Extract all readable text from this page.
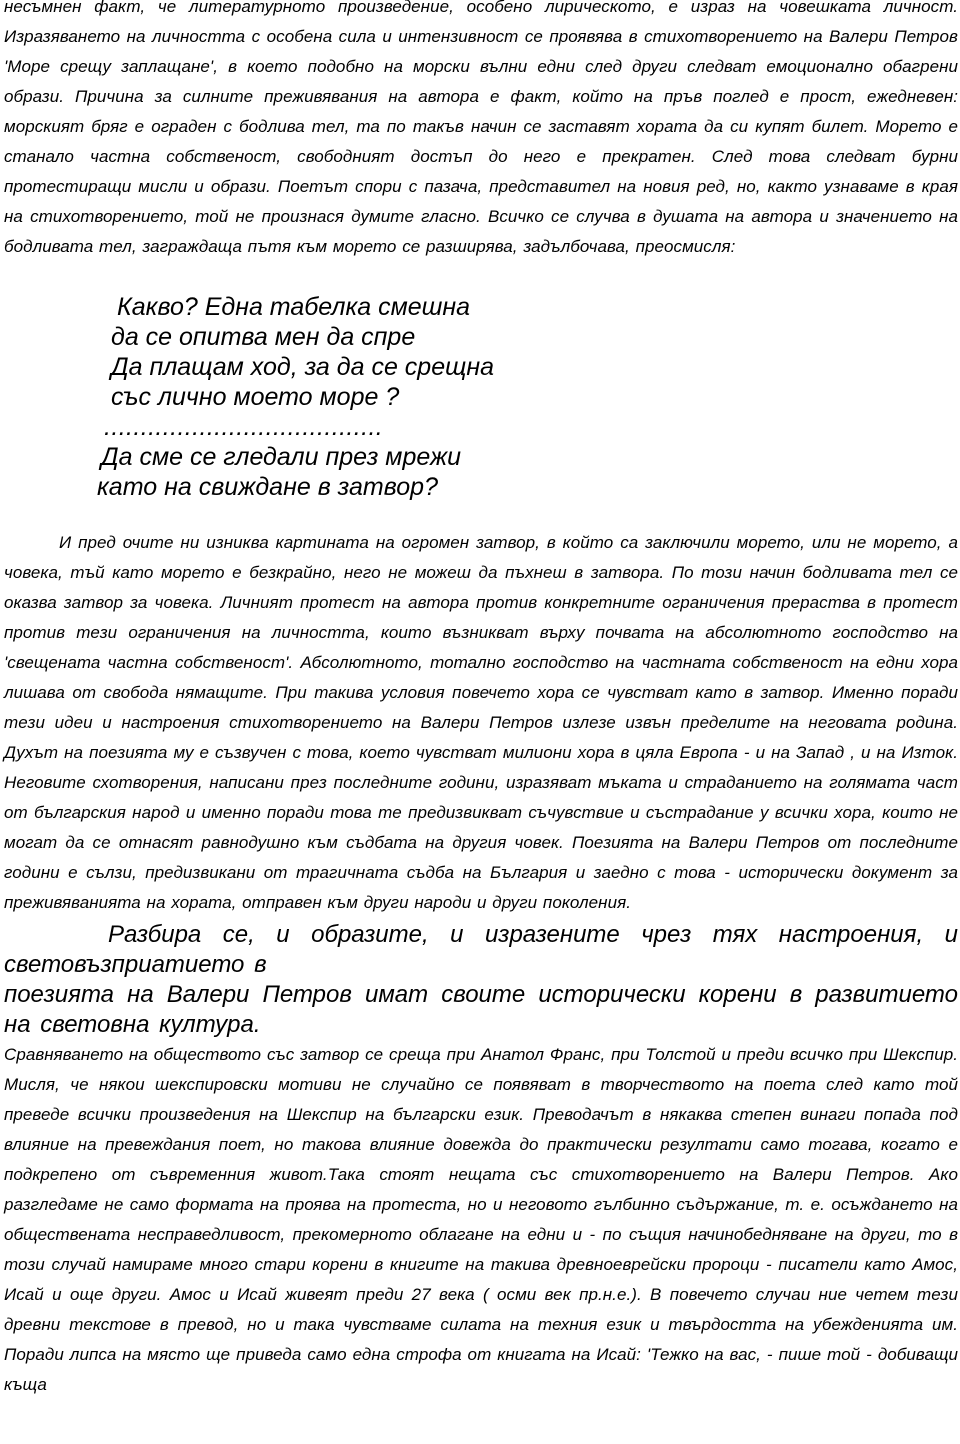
несъмнен факт, че литературното произведение, особено лирическото, е израз на човешката личност. Изразяването на личността с особена сила и интензивност се проявява в стихотворението на Валери Петров 'Море срещу заплащане', в което подобно на морски вълни едни след други следват емоционално обагрени образи. Причина за силните преживявания на автора е факт, който на пръв поглед е прост, ежедневен: морският бряг е ограден с бодлива тел, та по такъв начин се заставят хората да си купят билет. Морето е станало частна собственост, свободният достъп до него е прекратен. След това следват бурни протестиращи мисли и образи. Поетът спори с пазача, представител на новия ред, но, както узнаваме в края на стихотворението, той не произнася думите гласно. Всичко се случва в душата на автора и значението на бодливата тел, заграждаща пътя към морето се разширява, задълбочава, преосмисля:

Какво? Една табелка смешна
да се опитва мен да спре
Да плащам ход, за да се срещна
със лично моето море ?
......................................
Да сме се гледали през мрежи
като на свиждане в затвор?

И пред очите ни изниква картината на огромен затвор, в който са заключили морето, или не морето, а човека, тъй като морето е безкрайно, него не можеш да пъхнеш в затвора. По този начин бодливата тел се оказва затвор за човека. Личният протест на автора против конкретните ограничения прераства в протест против тези ограничения на личността, които възникват върху почвата на абсолютното господство на 'свещената частна собственост'. Абсолютното, тотално господство на частната собственост на едни хора лишава от свобода нямащите. При такива условия повечето хора се чувстват като в затвор. Именно поради тези идеи и настроения стихотворението на Валери Петров излезе извън пределите на неговата родина. Духът на поезията му е съзвучен с това, което чувстват милиони хора в цяла Европа - и на Запад , и на Изток. Неговите схотворения, написани през последните години, изразяват мъката и страданието на голямата част от българския народ и именно поради това те предизвикват съчувствие и състрадание у всички хора, които не могат да се отнасят равнодушно към съдбата на другия човек. Поезията на Валери Петров от последните години е сълзи, предизвикани от трагичната съдба на България и заедно с това - исторически документ за преживяванията на хората, отправен към други народи и други поколения.

Разбира се, и образите, и изразените чрез тях настроения, и световъзприатието в

поезията на Валери Петров имат своите исторически корени в развитието на световна култура.

Сравняването на обществото със затвор се среща при Анатол Франс, при Толстой и преди всичко при Шекспир. Мисля, че някои шекспировски мотиви не случайно се появяват в творчеството на поета след като той преведе всички произведения на Шекспир на български език. Преводачът в някаква степен винаги попада под влияние на превеждания поет, но такова влияние довежда до практически резултати само тогава, когато е подкрепено от съвременния живот.Така стоят нещата със стихотворението на Валери Петров. Ако разгледаме не само формата на проява на протеста, но и неговото гълбинно съдържание, т. е. осъждането на обществената несправедливост, прекомерното облагане на едни и - по същия начинобедняване на други, то в този случай намираме много стари корени в книгите на такива древноеврейски пророци - писатели като Амос, Исай и още други. Амос и Исай живеят преди 27 века ( осми век пр.н.е.). В повечето случаи ние четем тези древни текстове в превод, но и така чувстваме силата на техния език и твърдостта на убежденията им. Поради липса на място ще приведа само една строфа от книгата на Исай: 'Тежко на вас, - пише той - добиващи къща
